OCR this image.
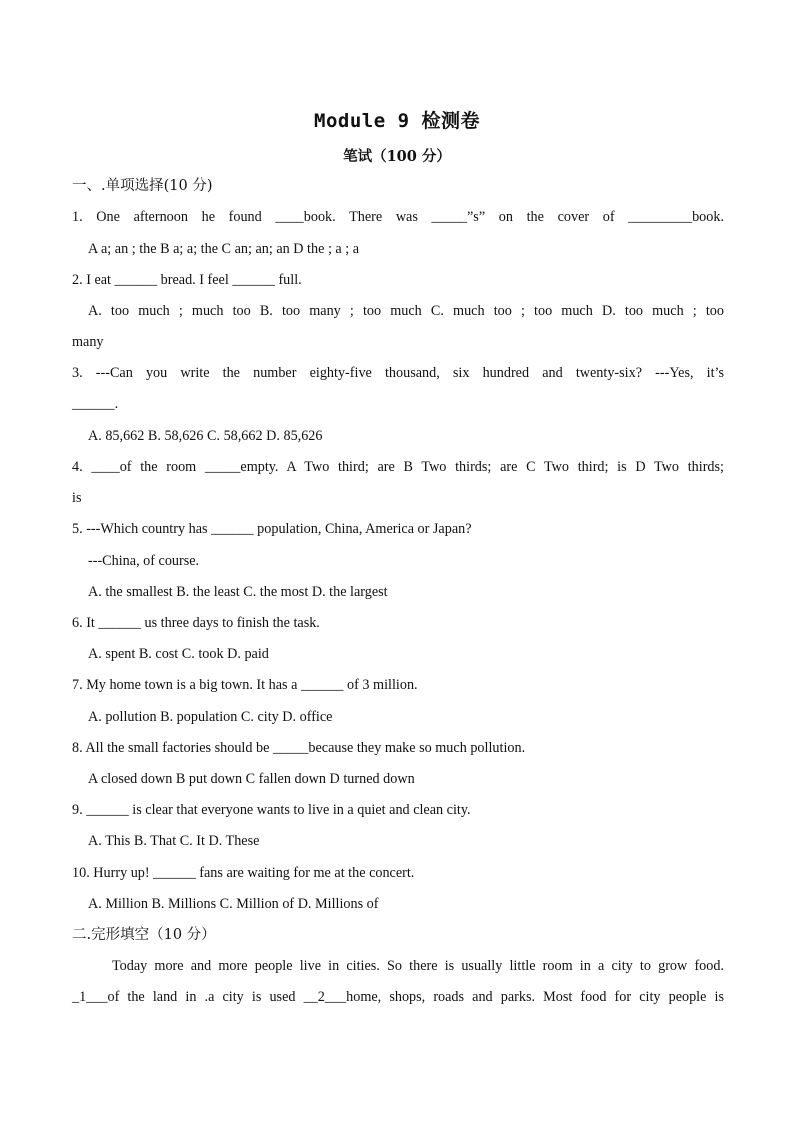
Module 9 检测卷
笔试（100 分）
一、.单项选择(10 分)
1. One afternoon he found ____book. There was _____”s” on the cover of _________book.
A a; an ; the B a; a; the C an; an; an D the ; a ; a
2. I eat ______ bread. I feel ______ full.
A. too much ; much too B. too many ; too much C. much too ; too much D. too much ; too
many
3. ---Can you write the number eighty-five thousand, six hundred and twenty-six? ---Yes, it’s
______.
A. 85,662 B. 58,626 C. 58,662 D. 85,626
4. ____of the room _____empty. A Two third; are B Two thirds; are C Two third; is D Two thirds;
is
5. ---Which country has ______ population, China, America or Japan?
---China, of course.
A. the smallest B. the least C. the most D. the largest
6. It ______ us three days to finish the task.
A. spent B. cost C. took D. paid
7. My home town is a big town. It has a ______ of 3 million.
A. pollution B. population C. city D. office
8. All the small factories should be _____because they make so much pollution.
A closed down B put down C fallen down D turned down
9. ______ is clear that everyone wants to live in a quiet and clean city.
A. This B. That C. It D. These
10. Hurry up! ______ fans are waiting for me at the concert.
A. Million B. Millions C. Million of D. Millions of
二.完形填空（10 分）
Today more and more people live in cities. So there is usually little room in a city to grow food.
_1___of the land in .a city is used __2___home, shops, roads and parks. Most food for city people is
